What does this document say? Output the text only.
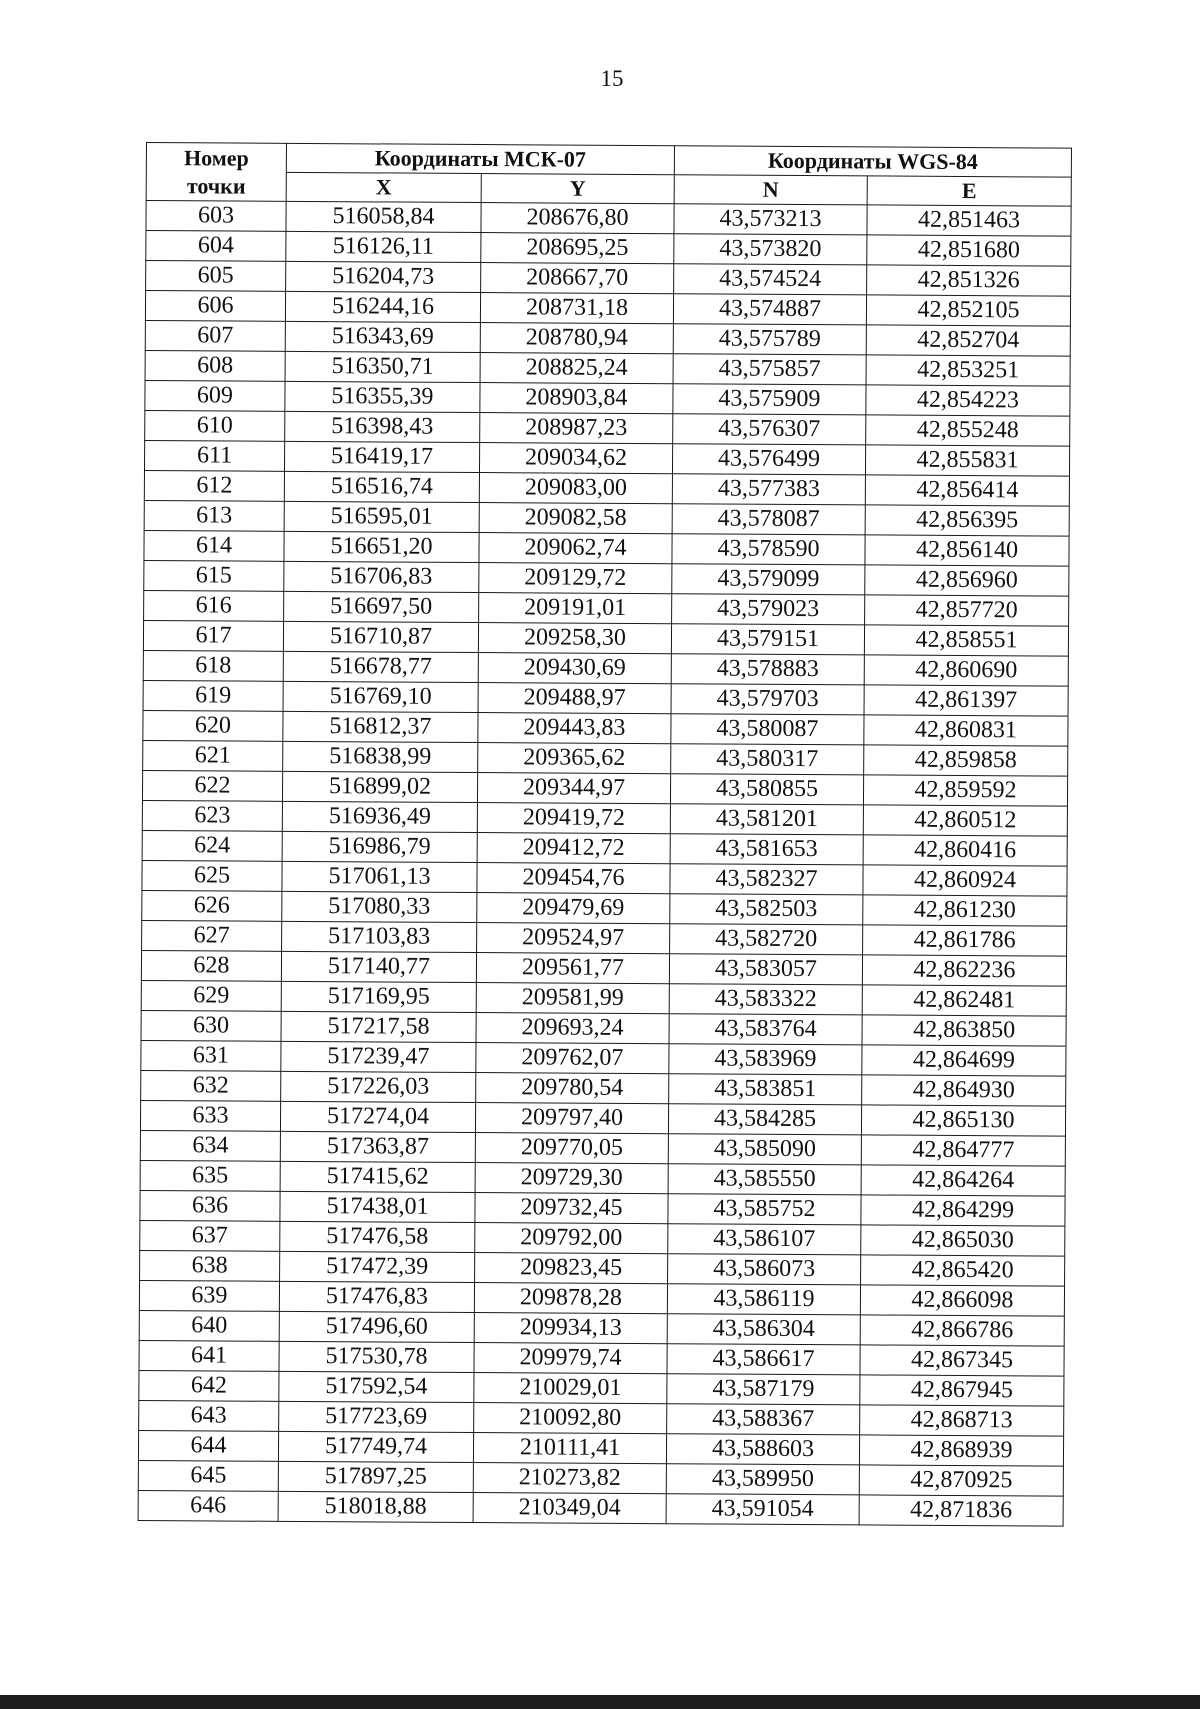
15
Номер
точки	Координаты МСК-07		Координаты WGS-84	
	X	Y	N	E
603	516058,84	208676,80	43,573213	42,851463
604	516126,11	208695,25	43,573820	42,851680
605	516204,73	208667,70	43,574524	42,851326
606	516244,16	208731,18	43,574887	42,852105
607	516343,69	208780,94	43,575789	42,852704
608	516350,71	208825,24	43,575857	42,853251
609	516355,39	208903,84	43,575909	42,854223
610	516398,43	208987,23	43,576307	42,855248
611	516419,17	209034,62	43,576499	42,855831
612	516516,74	209083,00	43,577383	42,856414
613	516595,01	209082,58	43,578087	42,856395
614	516651,20	209062,74	43,578590	42,856140
615	516706,83	209129,72	43,579099	42,856960
616	516697,50	209191,01	43,579023	42,857720
617	516710,87	209258,30	43,579151	42,858551
618	516678,77	209430,69	43,578883	42,860690
619	516769,10	209488,97	43,579703	42,861397
620	516812,37	209443,83	43,580087	42,860831
621	516838,99	209365,62	43,580317	42,859858
622	516899,02	209344,97	43,580855	42,859592
623	516936,49	209419,72	43,581201	42,860512
624	516986,79	209412,72	43,581653	42,860416
625	517061,13	209454,76	43,582327	42,860924
626	517080,33	209479,69	43,582503	42,861230
627	517103,83	209524,97	43,582720	42,861786
628	517140,77	209561,77	43,583057	42,862236
629	517169,95	209581,99	43,583322	42,862481
630	517217,58	209693,24	43,583764	42,863850
631	517239,47	209762,07	43,583969	42,864699
632	517226,03	209780,54	43,583851	42,864930
633	517274,04	209797,40	43,584285	42,865130
634	517363,87	209770,05	43,585090	42,864777
635	517415,62	209729,30	43,585550	42,864264
636	517438,01	209732,45	43,585752	42,864299
637	517476,58	209792,00	43,586107	42,865030
638	517472,39	209823,45	43,586073	42,865420
639	517476,83	209878,28	43,586119	42,866098
640	517496,60	209934,13	43,586304	42,866786
641	517530,78	209979,74	43,586617	42,867345
642	517592,54	210029,01	43,587179	42,867945
643	517723,69	210092,80	43,588367	42,868713
644	517749,74	210111,41	43,588603	42,868939
645	517897,25	210273,82	43,589950	42,870925
646	518018,88	210349,04	43,591054	42,871836
